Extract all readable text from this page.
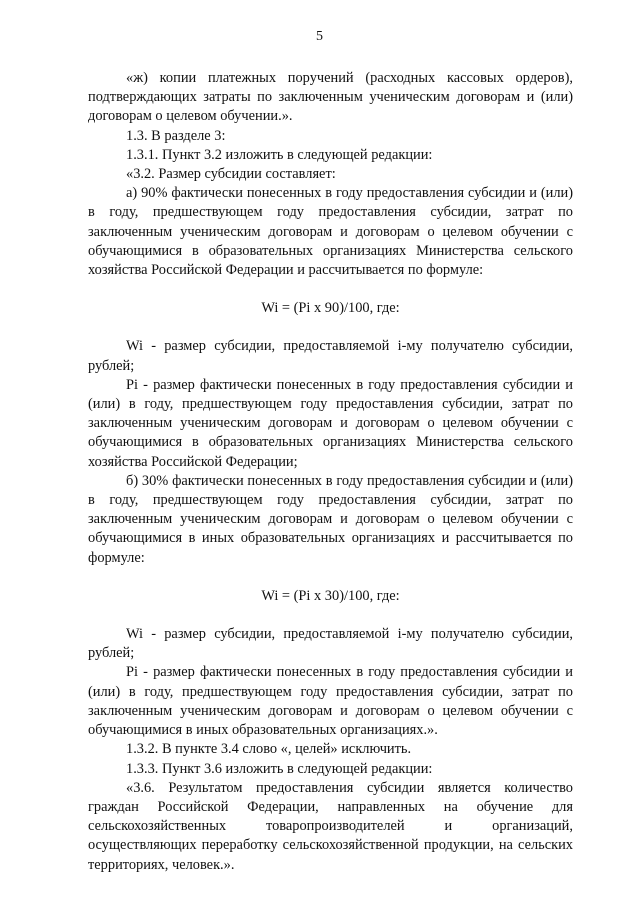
5

«ж) копии платежных поручений (расходных кассовых ордеров), подтверждающих затраты по заключенным ученическим договорам и (или) договорам о целевом обучении.».

1.3. В разделе 3:

1.3.1. Пункт 3.2 изложить в следующей редакции:

«3.2. Размер субсидии составляет:

а) 90% фактически понесенных в году предоставления субсидии и (или) в году, предшествующем году предоставления субсидии, затрат по заключенным ученическим договорам и договорам о целевом обучении с обучающимися в образовательных организациях Министерства сельского хозяйства Российской Федерации и рассчитывается по формуле:

Wi = (Pi x 90)/100, где:

Wi - размер субсидии, предоставляемой i-му получателю субсидии, рублей;

Pi - размер фактически понесенных в году предоставления субсидии и (или) в году, предшествующем году предоставления субсидии, затрат по заключенным ученическим договорам и договорам о целевом обучении с обучающимися в образовательных организациях Министерства сельского хозяйства Российской Федерации;

б) 30% фактически понесенных в году предоставления субсидии и (или) в году, предшествующем году предоставления субсидии, затрат по заключенным ученическим договорам и договорам о целевом обучении с обучающимися в иных образовательных организациях и рассчитывается по формуле:

Wi = (Pi x 30)/100, где:

Wi - размер субсидии, предоставляемой i-му получателю субсидии, рублей;

Pi - размер фактически понесенных в году предоставления субсидии и (или) в году, предшествующем году предоставления субсидии, затрат по заключенным ученическим договорам и договорам о целевом обучении с обучающимися в иных образовательных организациях.».

1.3.2. В пункте 3.4 слово «, целей» исключить.

1.3.3. Пункт 3.6 изложить в следующей редакции:

«3.6. Результатом предоставления субсидии является количество граждан Российской Федерации, направленных на обучение для сельскохозяйственных товаропроизводителей и организаций, осуществляющих переработку сельскохозяйственной продукции, на сельских территориях, человек.».
